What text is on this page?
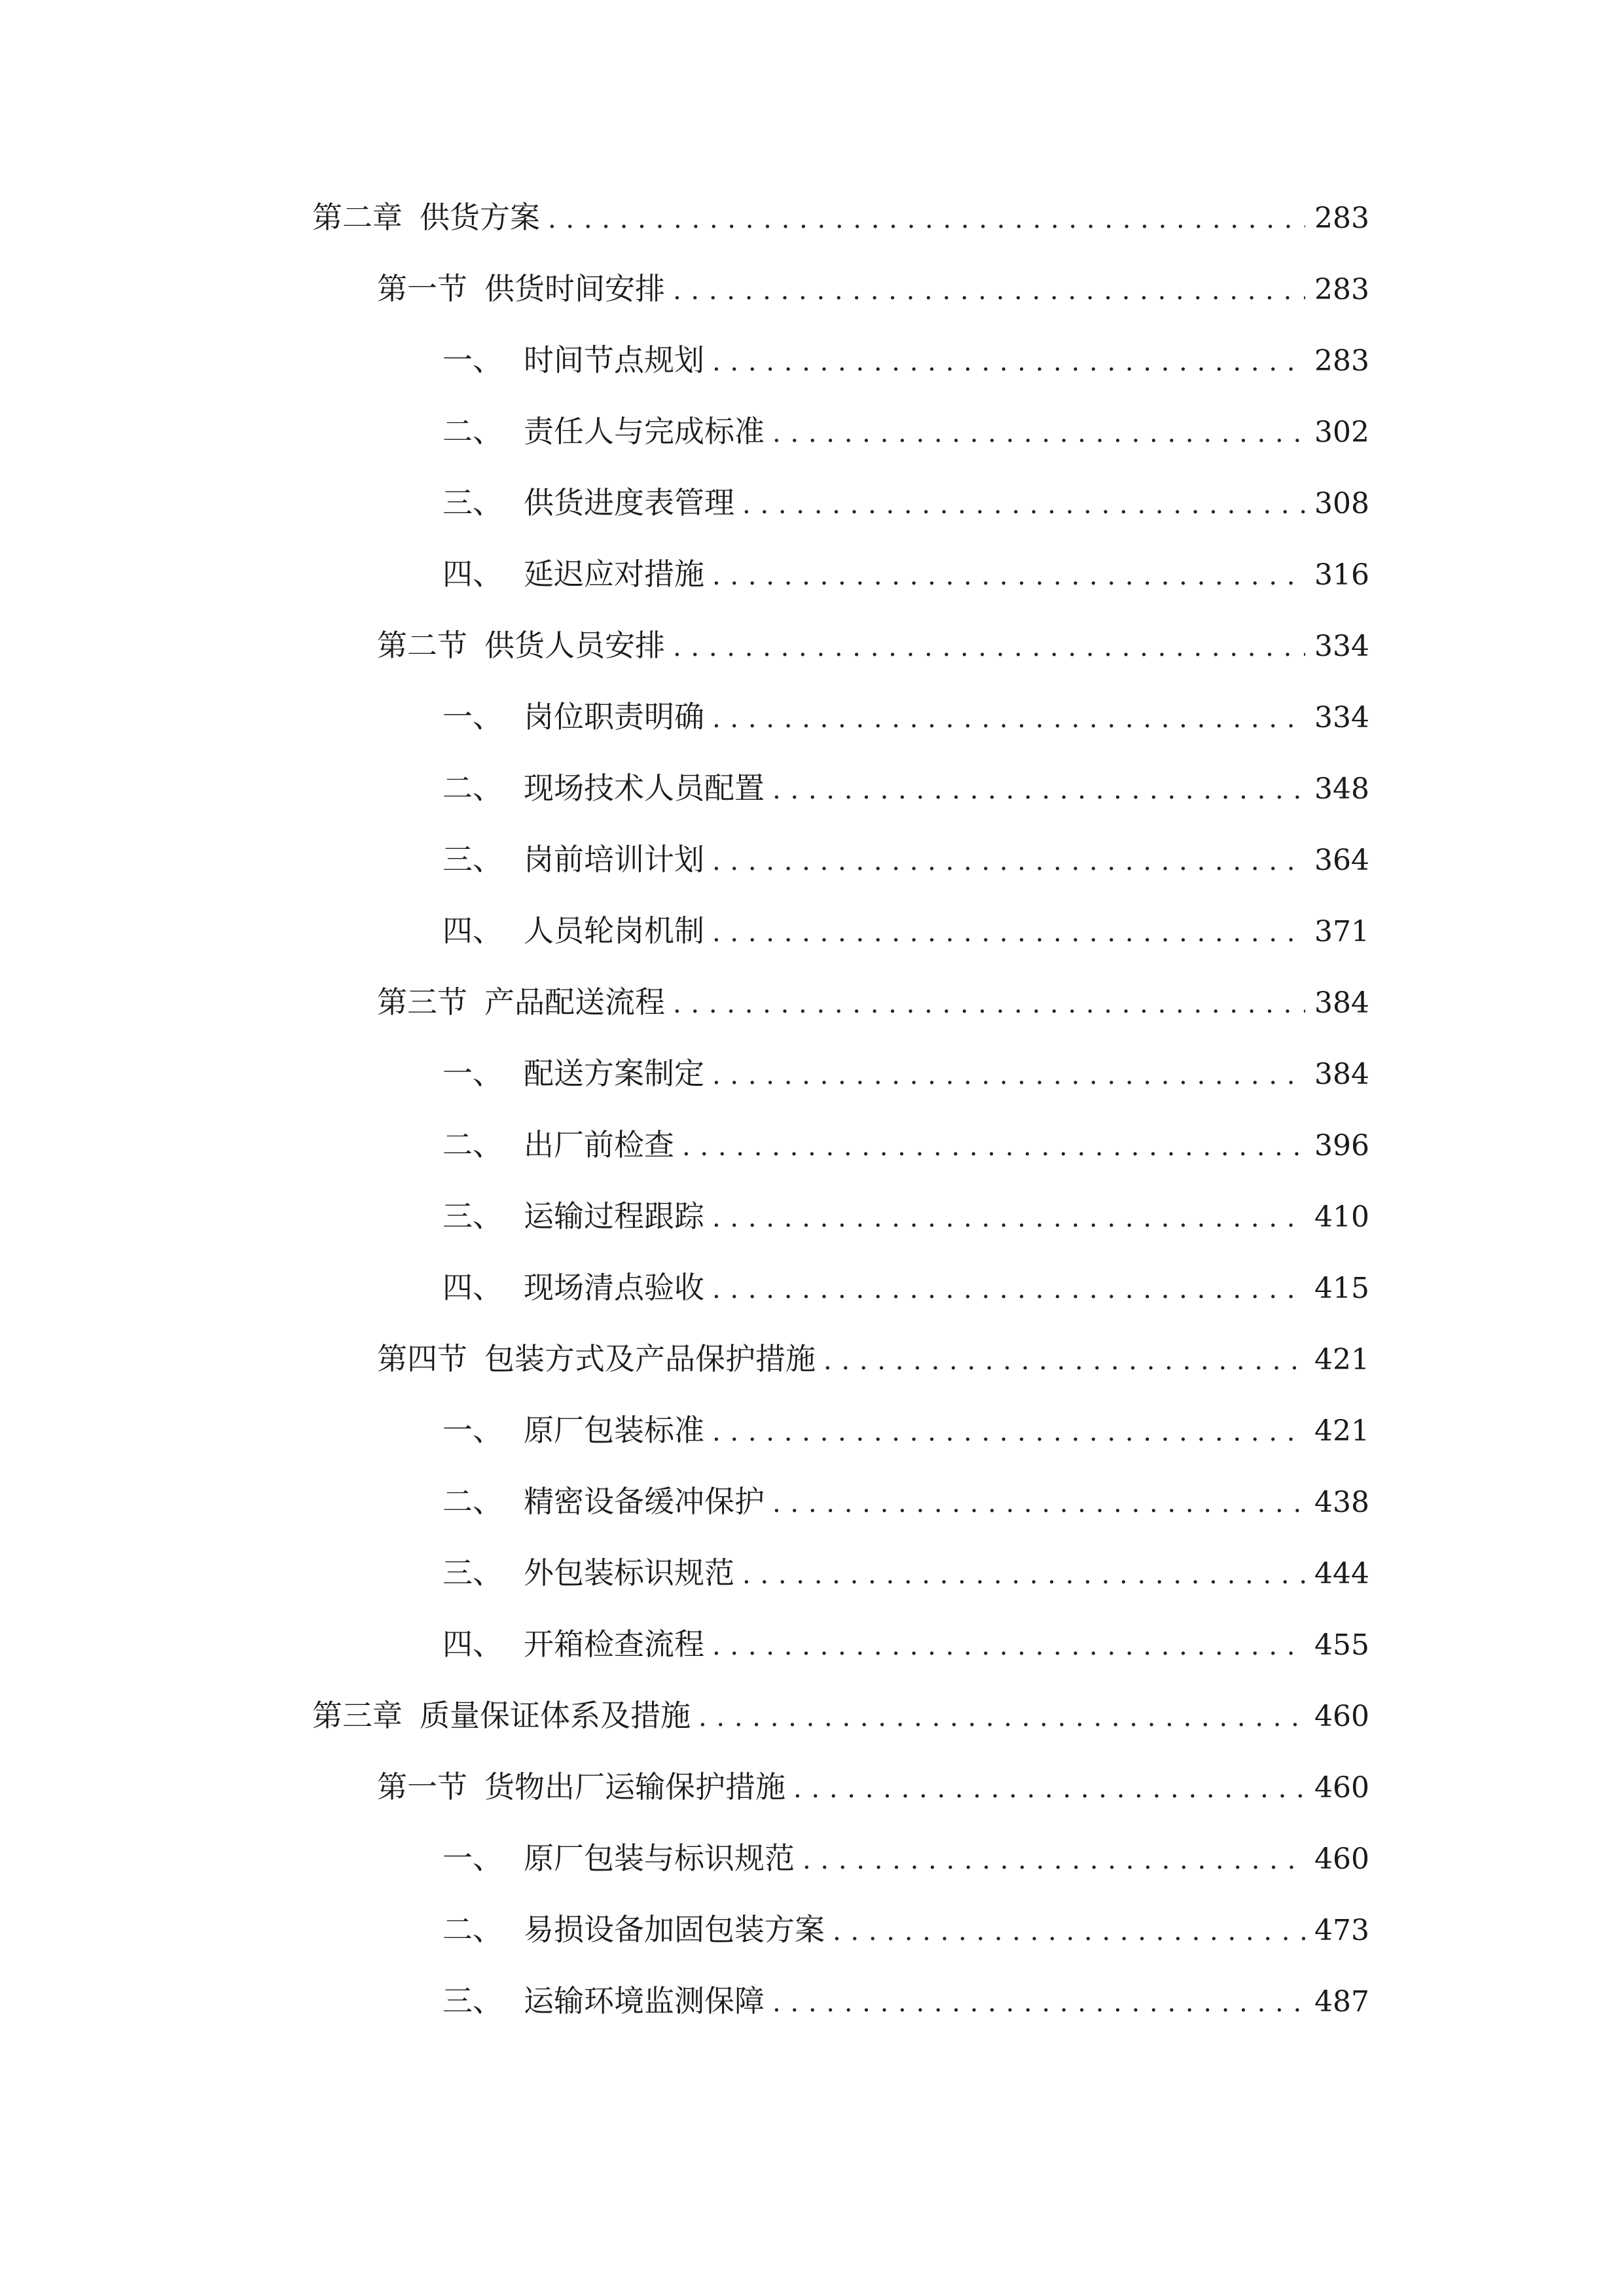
第二章 供货方案 . . .	283
第一节 供货时间安排 . . .	283
一、 时间节点规划 . . .	283
二、 责任人与完成标准 . . .	302
三、 供货进度表管理 . . .	308
四、 延迟应对措施 . . .	316
第二节 供货人员安排 . . .	334
一、 岗位职责明确 . . .	334
二、 现场技术人员配置 . . .	348
三、 岗前培训计划 . . .	364
四、 人员轮岗机制 . . .	371
第三节 产品配送流程 . . .	384
一、 配送方案制定 . . .	384
二、 出厂前检查 . . .	396
三、 运输过程跟踪 . . .	410
四、 现场清点验收 . . .	415
第四节 包装方式及产品保护措施 . . .	421
一、 原厂包装标准 . . .	421
二、 精密设备缓冲保护 . . .	438
三、 外包装标识规范 . . .	444
四、 开箱检查流程 . . .	455
第三章 质量保证体系及措施 . . .	460
第一节 货物出厂运输保护措施 . . .	460
一、 原厂包装与标识规范 . . .	460
二、 易损设备加固包装方案 . . .	473
三、 运输环境监测保障 . . .	487
